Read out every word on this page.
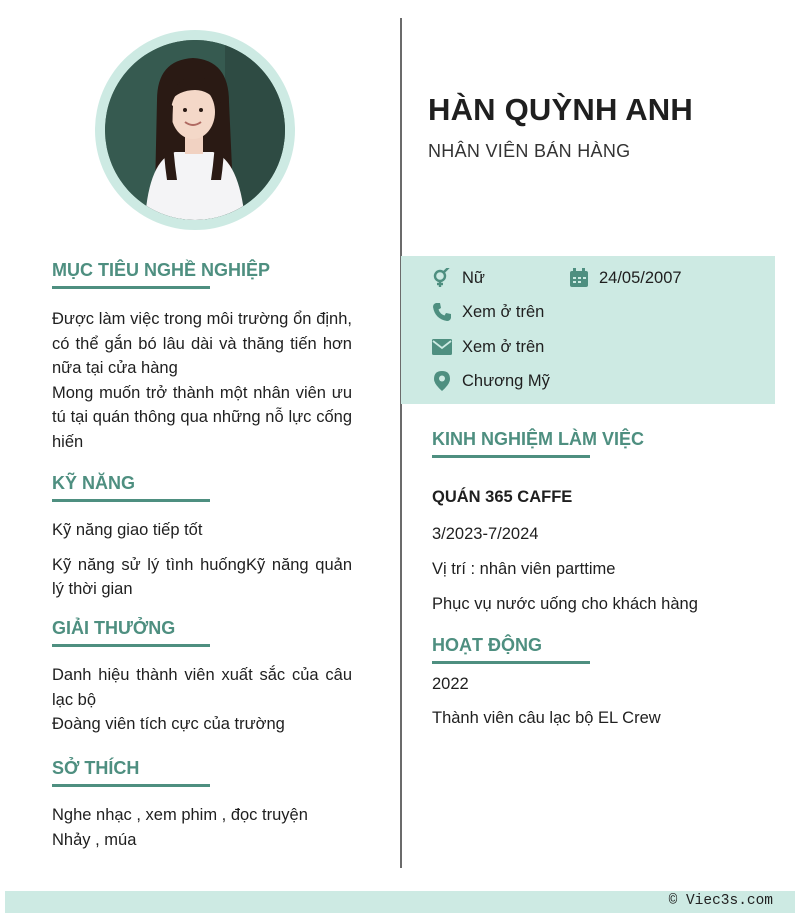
HÀN QUỲNH ANH
NHÂN VIÊN BÁN HÀNG
Nữ	24/05/2007
Xem ở trên
Xem ở trên
Chương Mỹ
MỤC TIÊU NGHỀ NGHIỆP

Được làm việc trong môi trường ổn định, có thể gắn bó lâu dài và thăng tiến hơn nữa tại cửa hàng

Mong muốn trở thành một nhân viên ưu tú tại quán thông qua những nỗ lực cống hiến

KỸ NĂNG

Kỹ năng giao tiếp tốt

Kỹ năng sử lý tình huốngKỹ năng quản lý thời gian

GIẢI THƯỞNG

Danh hiệu thành viên xuất sắc của câu lạc bộ

Đoàng viên tích cực của trường

SỞ THÍCH

Nghe nhạc , xem phim , đọc truyện

Nhảy , múa

KINH NGHIỆM LÀM VIỆC

QUÁN 365 CAFFE

3/2023-7/2024

Vị trí : nhân viên parttime

Phục vụ nước uống cho khách hàng

HOẠT ĐỘNG

2022

Thành viên câu lạc bộ EL Crew

© Viec3s.com
